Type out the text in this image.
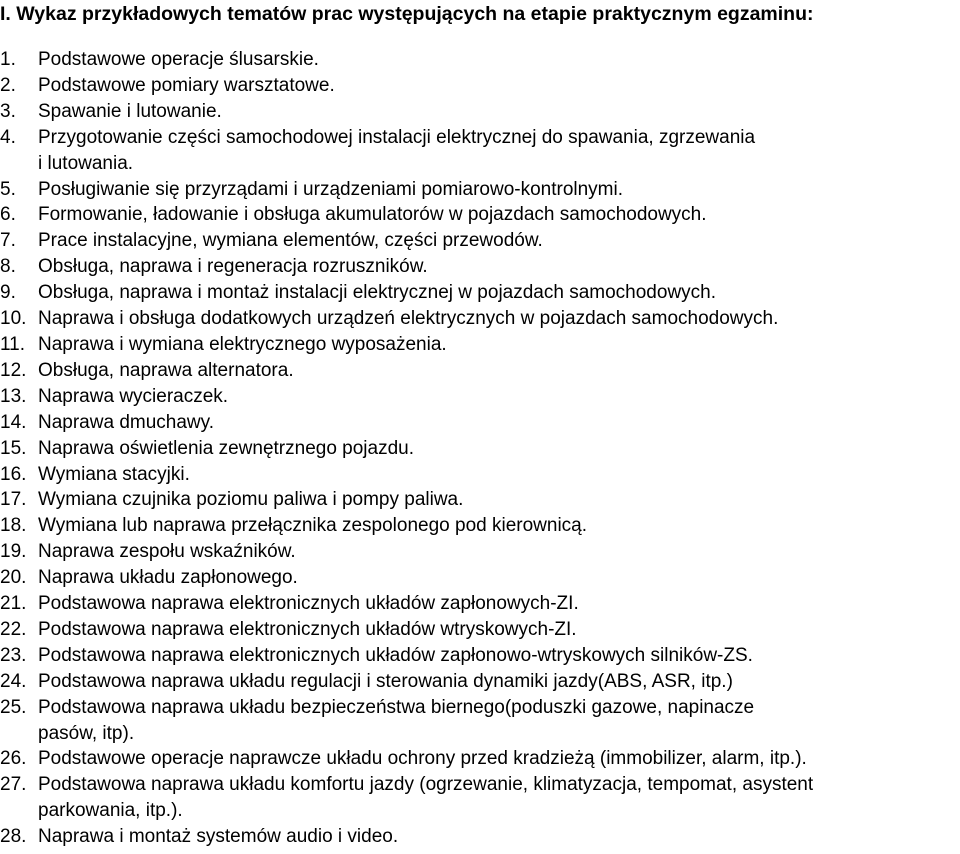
I. Wykaz przykładowych tematów prac występujących na etapie praktycznym egzaminu:
1.	Podstawowe operacje ślusarskie.
2.	Podstawowe pomiary warsztatowe.
3.	Spawanie i lutowanie.
4.	Przygotowanie części samochodowej instalacji elektrycznej do spawania, zgrzewania
i lutowania.
5.	Posługiwanie się przyrządami i urządzeniami pomiarowo-kontrolnymi.
6.	Formowanie, ładowanie i obsługa akumulatorów w pojazdach samochodowych.
7.	Prace instalacyjne, wymiana elementów, części przewodów.
8.	Obsługa, naprawa i regeneracja rozruszników.
9.	Obsługa, naprawa i montaż instalacji elektrycznej w pojazdach samochodowych.
10. Naprawa i obsługa dodatkowych urządzeń elektrycznych w pojazdach samochodowych.
11. Naprawa i wymiana elektrycznego wyposażenia.
12. Obsługa, naprawa alternatora.
13. Naprawa wycieraczek.
14. Naprawa dmuchawy.
15. Naprawa oświetlenia zewnętrznego pojazdu.
16. Wymiana stacyjki.
17. Wymiana czujnika poziomu paliwa i pompy paliwa.
18. Wymiana lub naprawa przełącznika zespolonego pod kierownicą.
19. Naprawa zespołu wskaźników.
20. Naprawa układu zapłonowego.
21. Podstawowa naprawa elektronicznych układów zapłonowych-ZI.
22. Podstawowa naprawa elektronicznych układów wtryskowych-ZI.
23. Podstawowa naprawa elektronicznych układów zapłonowo-wtryskowych silników-ZS.
24. Podstawowa naprawa układu regulacji i sterowania dynamiki jazdy(ABS, ASR, itp.)
25. Podstawowa naprawa układu bezpieczeństwa biernego(poduszki gazowe, napinacze
pasów, itp).
26. Podstawowe operacje naprawcze układu ochrony przed kradzieżą (immobilizer, alarm, itp.).
27. Podstawowa naprawa układu komfortu jazdy (ogrzewanie, klimatyzacja, tempomat, asystent
parkowania, itp.).
28. Naprawa i montaż systemów audio i video.
